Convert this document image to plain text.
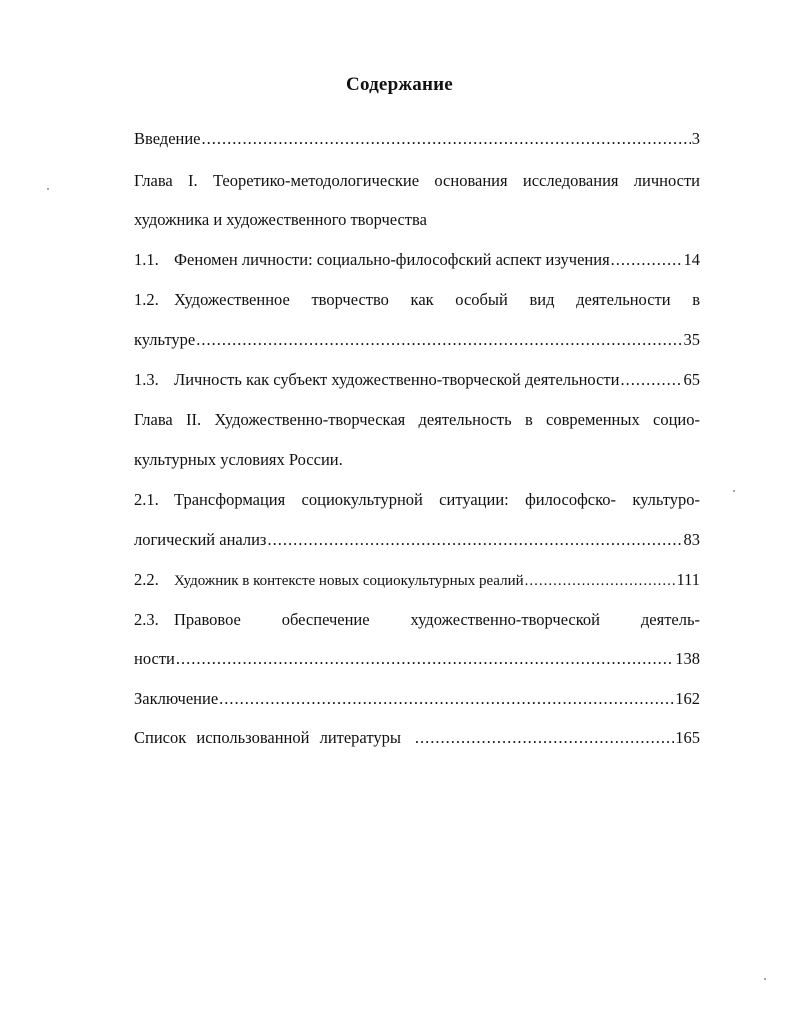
Содержание
Введение .....	3
Глава I. Теоретико-методологические основания исследования личности
художника и художественного творчества
1.1. Феномен личности: социально-философский аспект изучения .....	14
1.2. Художественное творчество как особый вид деятельности в
культуре .....	35
1.3. Личность как субъект художественно-творческой деятельности .....	65
Глава II. Художественно-творческая деятельность в современных социо-
культурных условиях России.
2.1. Трансформация социокультурной ситуации: философско- культуро-
логический анализ .....	83
2.2. Художник в контексте новых социокультурных реалий .....	111
2.3. Правовое обеспечение художественно-творческой деятель-
ности .....	138
Заключение .....	162
Список использованной литературы .....	165
